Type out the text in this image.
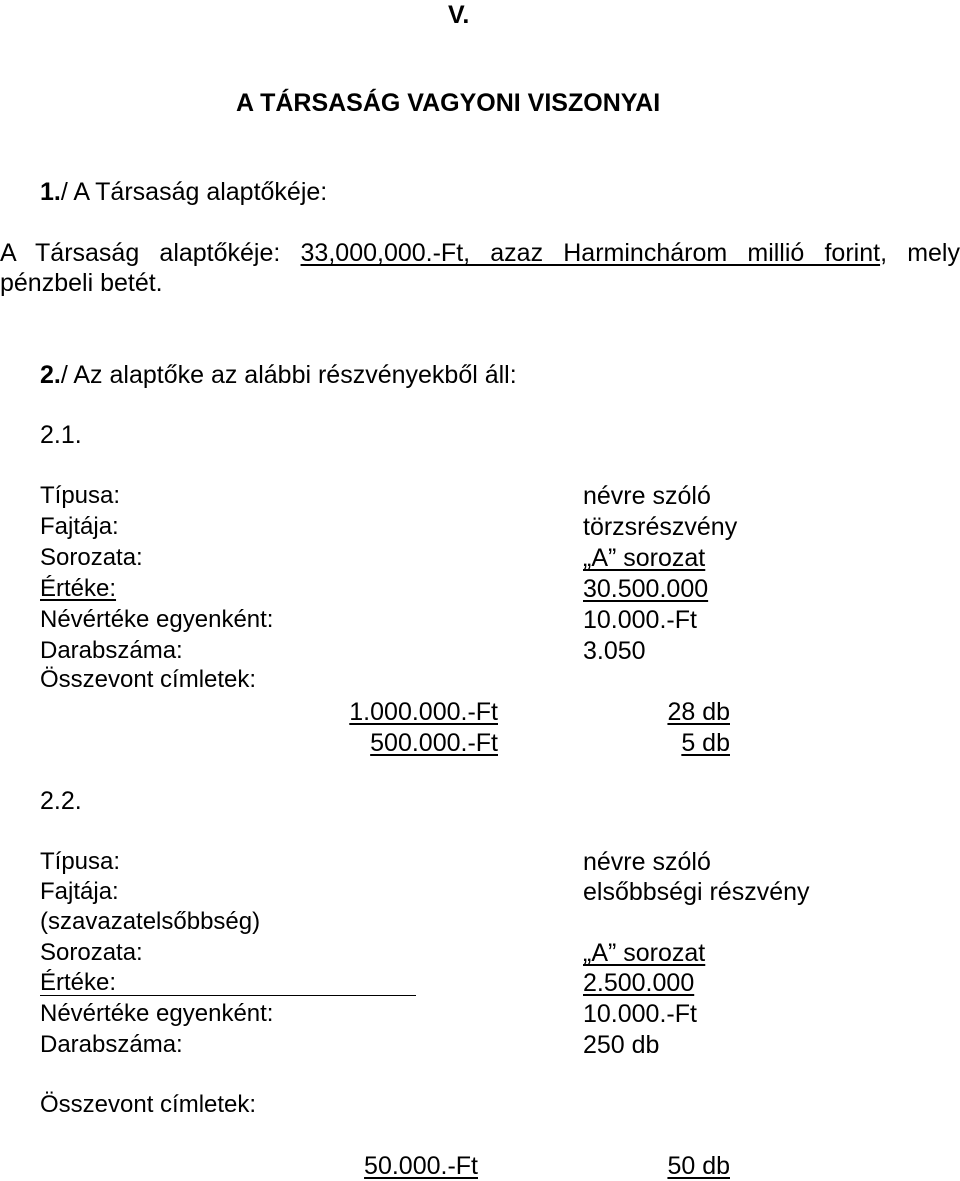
V.
A TÁRSASÁG VAGYONI VISZONYAI
1./ A Társaság alaptőkéje:
A Társaság alaptőkéje: 33,000,000.-Ft, azaz Harminchárom millió forint, mely
pénzbeli betét.
2./ Az alaptőke az alábbi részvényekből áll:
2.1.
Típusa:	névre szóló
Fajtája:	törzsrészvény
Sorozata:	„A” sorozat
Értéke:	30.500.000
Névértéke egyenként:	10.000.-Ft
Darabszáma:	3.050
Összevont címletek:
1.000.000.-Ft	28 db
500.000.-Ft	5 db
2.2.
Típusa:	névre szóló
Fajtája:	elsőbbségi részvény
(szavazatelsőbbség)
Sorozata:	„A” sorozat
Értéke:	2.500.000
Névértéke egyenként:	10.000.-Ft
Darabszáma:	250 db
Összevont címletek:
50.000.-Ft	50 db
